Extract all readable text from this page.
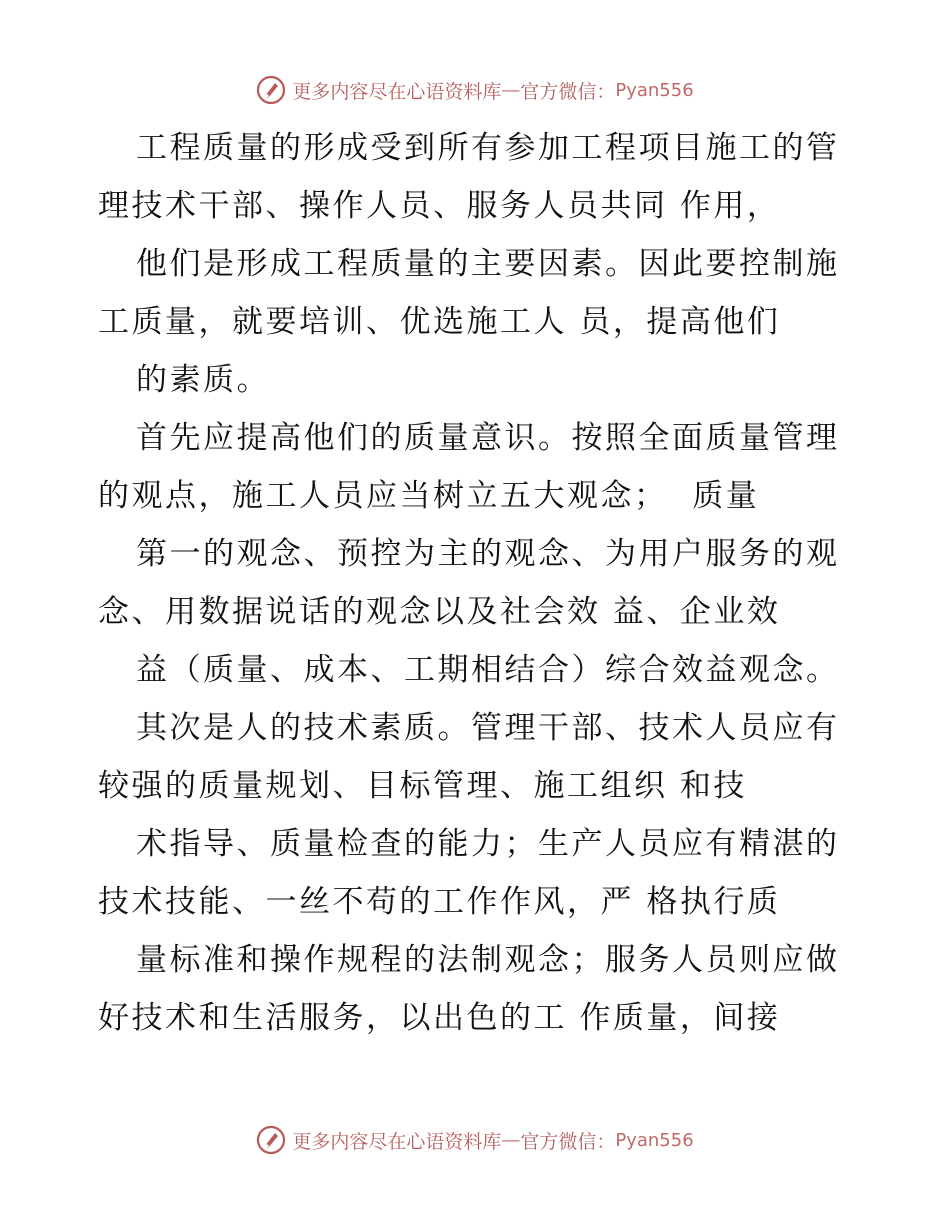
更多内容尽在心语资料库 — 官方微信： Pyan556
工程质量的形成受到所有参加工程项目施工的管
理技术干部、操作人员、服务人员共同 作用，
他们是形成工程质量的主要因素。因此要控制施
工质量，就要培训、优选施工人 员，提高他们
的素质。
首先应提高他们的质量意识。按照全面质量管理
的观点，施工人员应当树立五大观念；  质量
第一的观念、预控为主的观念、为用户服务的观
念、用数据说话的观念以及社会效 益、企业效
益（质量、成本、工期相结合）综合效益观念。
其次是人的技术素质。管理干部、技术人员应有
较强的质量规划、目标管理、施工组织 和技
术指导、质量检查的能力；生产人员应有精湛的
技术技能、一丝不苟的工作作风，严 格执行质
量标准和操作规程的法制观念；服务人员则应做
好技术和生活服务，以出色的工 作质量，间接
更多内容尽在心语资料库 — 官方微信： Pyan556
